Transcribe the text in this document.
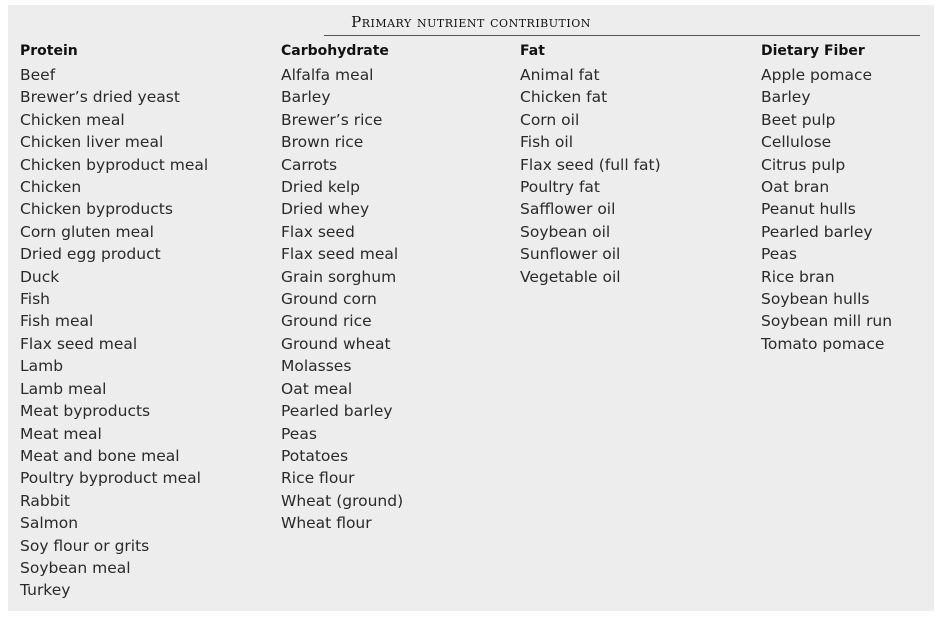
Primary nutrient contribution
Protein
Beef
Brewer’s dried yeast
Chicken meal
Chicken liver meal
Chicken byproduct meal
Chicken
Chicken byproducts
Corn gluten meal
Dried egg product
Duck
Fish
Fish meal
Flax seed meal
Lamb
Lamb meal
Meat byproducts
Meat meal
Meat and bone meal
Poultry byproduct meal
Rabbit
Salmon
Soy flour or grits
Soybean meal
Turkey
Carbohydrate
Alfalfa meal
Barley
Brewer’s rice
Brown rice
Carrots
Dried kelp
Dried whey
Flax seed
Flax seed meal
Grain sorghum
Ground corn
Ground rice
Ground wheat
Molasses
Oat meal
Pearled barley
Peas
Potatoes
Rice flour
Wheat (ground)
Wheat flour
Fat
Animal fat
Chicken fat
Corn oil
Fish oil
Flax seed (full fat)
Poultry fat
Safflower oil
Soybean oil
Sunflower oil
Vegetable oil
Dietary Fiber
Apple pomace
Barley
Beet pulp
Cellulose
Citrus pulp
Oat bran
Peanut hulls
Pearled barley
Peas
Rice bran
Soybean hulls
Soybean mill run
Tomato pomace
